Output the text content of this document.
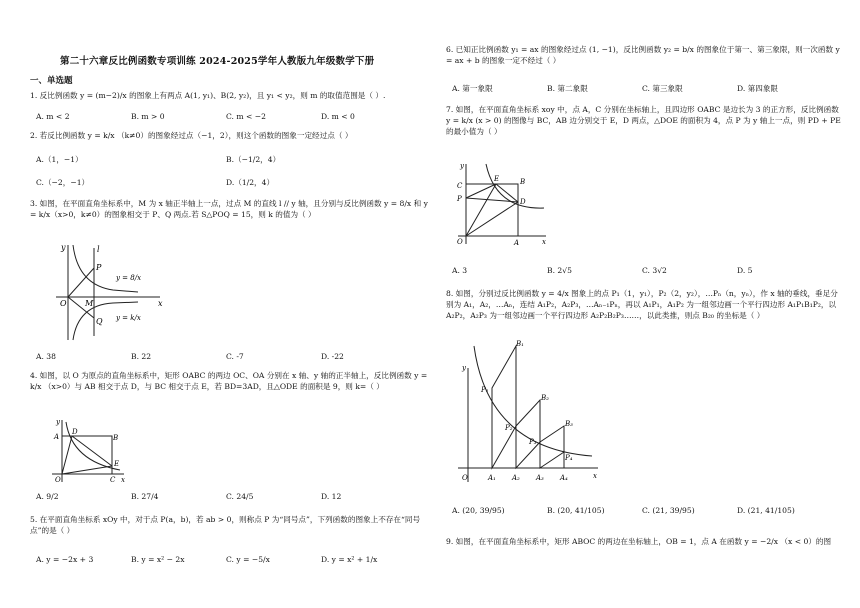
第二十六章反比例函数专项训练 2024-2025学年人教版九年级数学下册
一、单选题
1. 反比例函数 y = (m−2)/x 的图象上有两点 A(1, y₁)、B(2, y₂)，且 y₁ < y₂，则 m 的取值范围是（ ）.
A. m < 2	B. m > 0	C. m < −2	D. m < 0
2. 若反比例函数 y = k/x （k≠0）的图象经过点（−1，2），则这个函数的图象一定经过点（ ）
A.（1，−1）	B.（−1/2，4）
C.（−2，−1）	D.（1/2，4）
3. 如图，在平面直角坐标系中，M 为 x 轴正半轴上一点，过点 M 的直线 l // y 轴，且分别与反比例函数 y = 8/x 和 y = k/x（x>0，k≠0）的图象相交于 P、Q 两点.若 S△POQ = 15，则 k 的值为（ ）
l
P
Q
M
O	x
y
y = 8/x
y = k/x
A. 38	B. 22	C. -7	D. -22
4. 如图，以 O 为原点的直角坐标系中，矩形 OABC 的两边 OC、OA 分别在 x 轴、y 轴的正半轴上，反比例函数 y = k/x （x>0）与 AB 相交于点 D，与 BC 相交于点 E，若 BD=3AD，且△ODE 的面积是 9，则 k=（ ）
A	B
C
D
E
O	x
y
A. 9/2	B. 27/4	C. 24/5	D. 12
5. 在平面直角坐标系 xOy 中，对于点 P(a，b)，若 ab > 0，则称点 P 为“同号点”，下列函数的图象上不存在“同号点”的是（ ）
A. y = −2x + 3	B. y = x² − 2x	C. y = −5/x	D. y = x² + 1/x
6. 已知正比例函数 y₁ = ax 的图象经过点 (1, −1)，反比例函数 y₂ = b/x 的图象位于第一、第三象限，则一次函数 y = ax + b 的图象一定不经过（ ）
A. 第一象限	B. 第二象限	C. 第三象限	D. 第四象限
7. 如图，在平面直角坐标系 xoy 中，点 A，C 分别在坐标轴上，且四边形 OABC 是边长为 3 的正方形，反比例函数 y = k/x (x > 0) 的图像与 BC，AB 边分别交于 E，D 两点，△DOE 的面积为 4，点 P 为 y 轴上一点，则 PD + PE 的最小值为（ ）
C
P
E	B
D
O	A	x
y
A. 3	B. 2√5	C. 3√2	D. 5
8. 如图，分别过反比例函数 y = 4/x 图象上的点 P₁（1，y₁），P₂（2，y₂），…Pₙ（n，yₙ），作 x 轴的垂线，垂足分别为 A₁，A₂，…Aₙ，连结 A₁P₂，A₂P₃，…Aₙ₋₁Pₙ，再以 A₁P₁，A₁P₂ 为一组邻边画一个平行四边形 A₁P₁B₁P₂，以 A₂P₂，A₂P₃ 为一组邻边画一个平行四边形 A₂P₂B₂P₃……，以此类推，则点 B₂₀ 的坐标是（ ）
B₁
B₂
B₃
P₁
P₂
P₃
P₄
A₁ A₂ A₃ A₄
O	x
y
A. (20, 39/95)	B. (20, 41/105)	C. (21, 39/95)	D. (21, 41/105)
9. 如图，在平面直角坐标系中，矩形 ABOC 的两边在坐标轴上，OB = 1，点 A 在函数 y = −2/x （x < 0）的图
